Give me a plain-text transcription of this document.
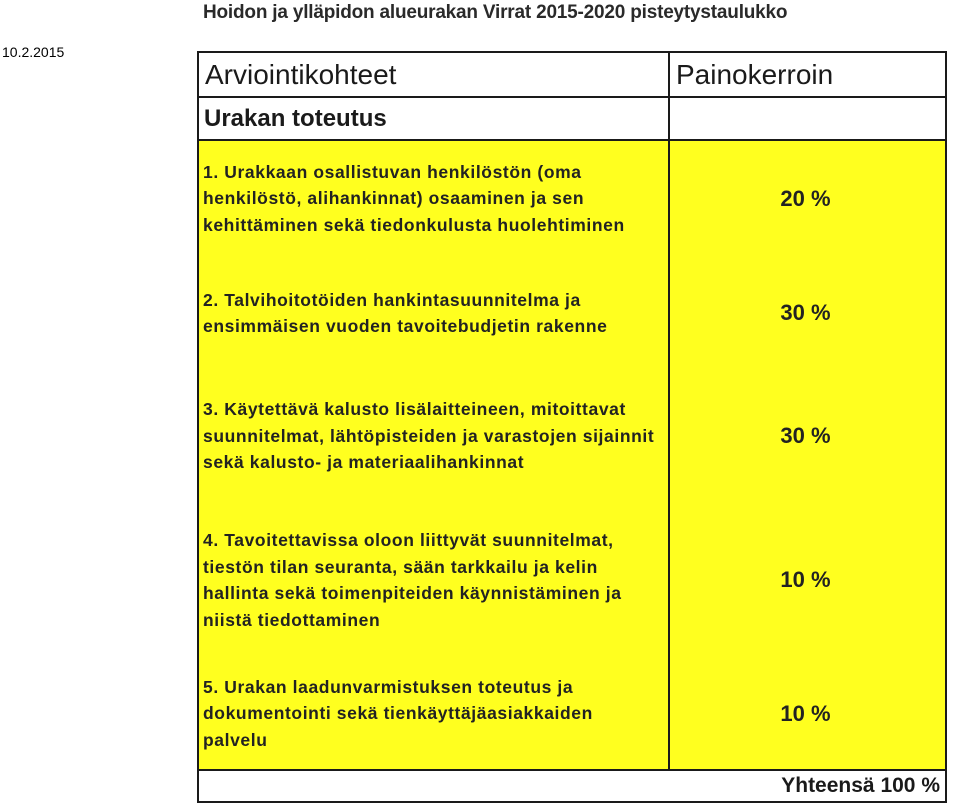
Hoidon ja ylläpidon alueurakan Virrat 2015-2020 pisteytystaulukko
10.2.2015
Arviointikohteet	Painokerroin
Urakan toteutus	

1. Urakkaan osallistuvan henkilöstön (oma henkilöstö, alihankinnat) osaaminen ja sen kehittäminen sekä tiedonkulusta huolehtiminen	20 %

2. Talvihoitotöiden hankintasuunnitelma ja ensimmäisen vuoden tavoitebudjetin rakenne	30 %

3. Käytettävä kalusto lisälaitteineen, mitoittavat suunnitelmat, lähtöpisteiden ja varastojen sijainnit sekä kalusto- ja materiaalihankinnat	30 %

4. Tavoitettavissa oloon liittyvät suunnitelmat, tiestön tilan seuranta, sään tarkkailu ja kelin hallinta sekä toimenpiteiden käynnistäminen ja niistä tiedottaminen	10 %

5. Urakan laadunvarmistuksen toteutus ja dokumentointi sekä tienkäyttäjäasiakkaiden palvelu	10 %
Yhteensä 100 %	
